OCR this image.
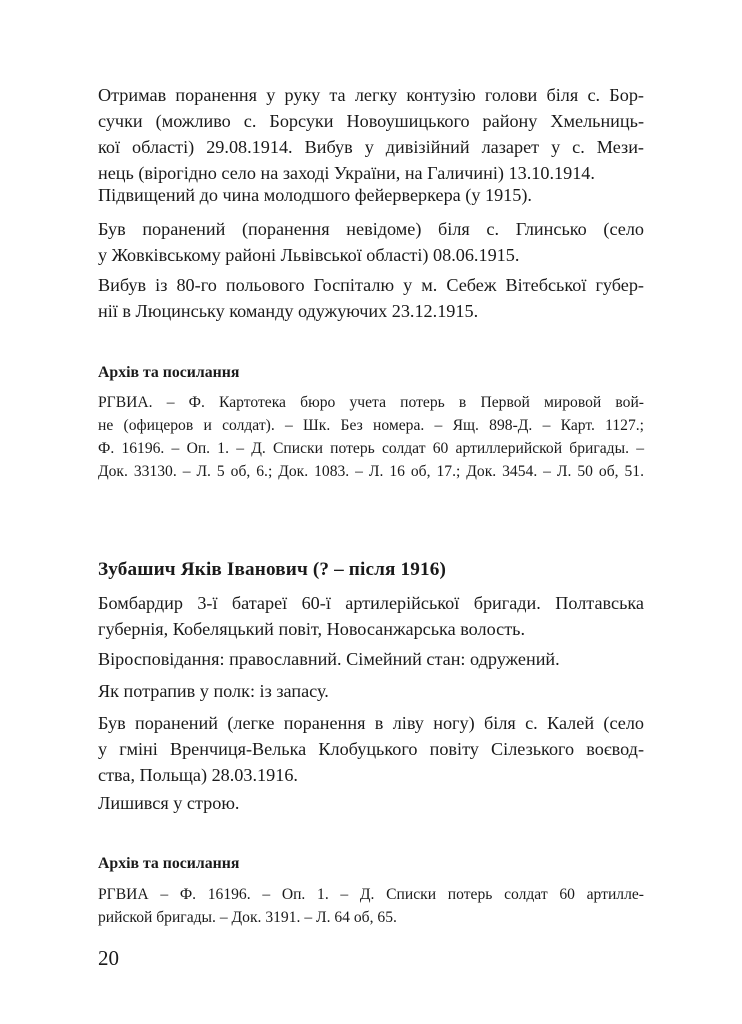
Отримав поранення у руку та легку контузію голови біля с. Бор-
сучки (можливо с. Борсуки Новоушицького району Хмельниць-
кої області) 29.08.1914. Вибув у дивізійний лазарет у с. Мези-
нець (вірогідно село на заході України, на Галичині) 13.10.1914.
Підвищений до чина молодшого фейерверкера (у 1915).
Був поранений (поранення невідоме) біля с. Глинсько (село
у Жовківському районі Львівської області) 08.06.1915.
Вибув із 80-го польового Госпіталю у м. Себеж Вітебської губер-
нії в Люцинську команду одужуючих 23.12.1915.
Архів та посилання
РГВИА. – Ф. Картотека бюро учета потерь в Первой мировой вой-
не (офицеров и солдат). – Шк. Без номера. – Ящ. 898-Д. – Карт. 1127.;
Ф. 16196. – Оп. 1. – Д. Списки потерь солдат 60 артиллерийской бригады. –
Док. 33130. – Л. 5 об, 6.; Док. 1083. – Л. 16 об, 17.; Док. 3454. – Л. 50 об, 51.
Зубашич Яків Іванович (? – після 1916)
Бомбардир 3-ї батареї 60-ї артилерійської бригади. Полтавська
губернія, Кобеляцький повіт, Новосанжарська волость.
Віросповідання: православний. Сімейний стан: одружений.
Як потрапив у полк: із запасу.
Був поранений (легке поранення в ліву ногу) біля с. Калей (село
у гміні Вренчиця-Велька Клобуцького повіту Сілезького воєвод-
ства, Польща) 28.03.1916.
Лишився у строю.
Архів та посилання
РГВИА – Ф. 16196. – Оп. 1. – Д. Списки потерь солдат 60 артилле-
рийской бригады. – Док. 3191. – Л. 64 об, 65.
20
